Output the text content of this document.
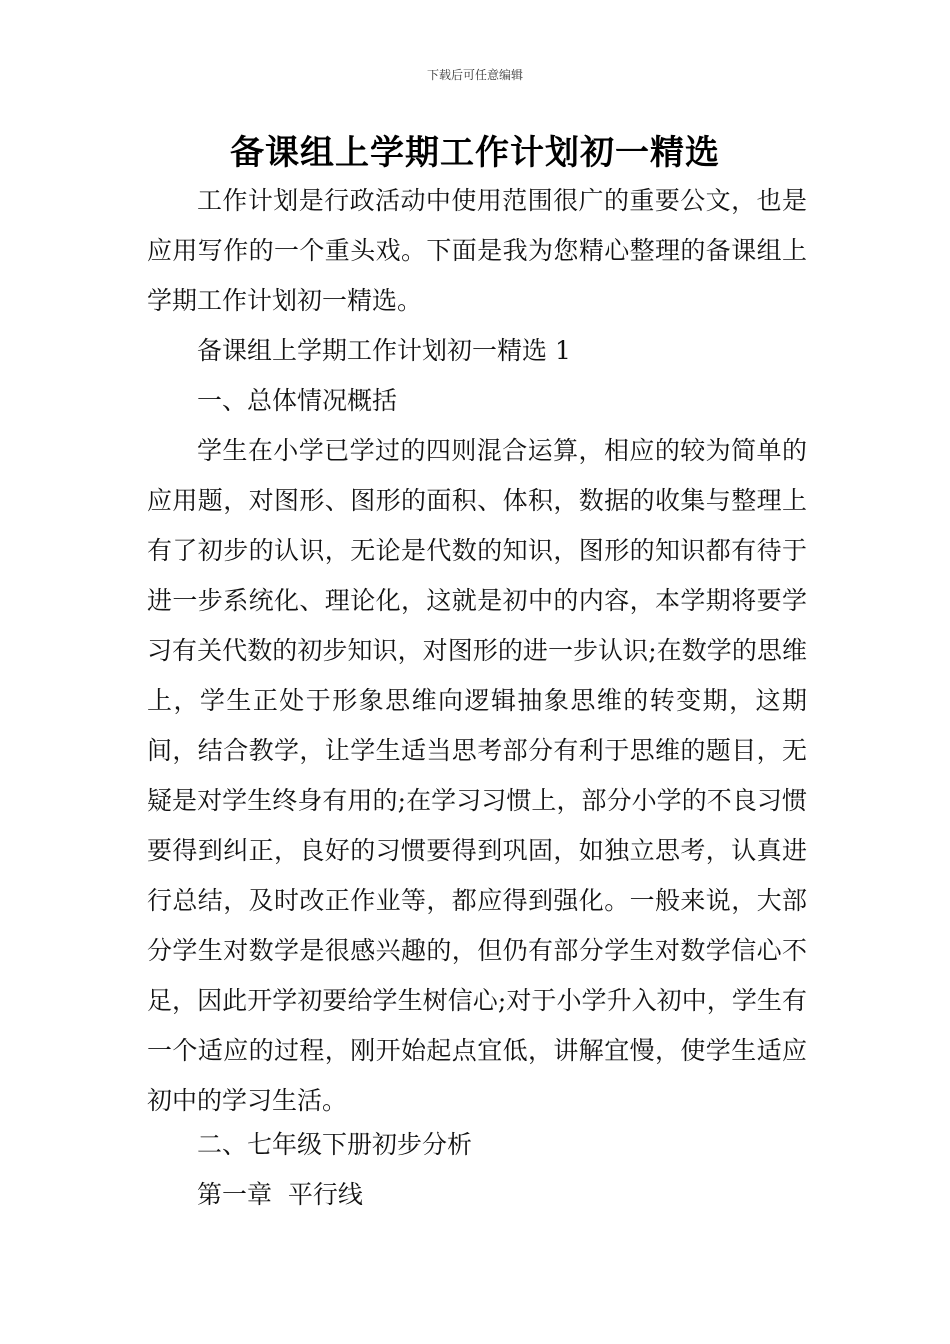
下载后可任意编辑
备课组上学期工作计划初一精选

工作计划是行政活动中使用范围很广的重要公文，也是应用写作的一个重头戏。下面是我为您精心整理的备课组上学期工作计划初一精选。

备课组上学期工作计划初一精选 1

一、总体情况概括

学生在小学已学过的四则混合运算，相应的较为简单的应用题，对图形、图形的面积、体积，数据的收集与整理上有了初步的认识，无论是代数的知识，图形的知识都有待于进一步系统化、理论化，这就是初中的内容，本学期将要学习有关代数的初步知识，对图形的进一步认识;在数学的思维上，学生正处于形象思维向逻辑抽象思维的转变期，这期间，结合教学，让学生适当思考部分有利于思维的题目，无疑是对学生终身有用的;在学习习惯上，部分小学的不良习惯要得到纠正，良好的习惯要得到巩固，如独立思考，认真进行总结，及时改正作业等，都应得到强化。一般来说，大部分学生对数学是很感兴趣的，但仍有部分学生对数学信心不足，因此开学初要给学生树信心;对于小学升入初中，学生有一个适应的过程，刚开始起点宜低，讲解宜慢，使学生适应初中的学习生活。

二、七年级下册初步分析

第一章  平行线
